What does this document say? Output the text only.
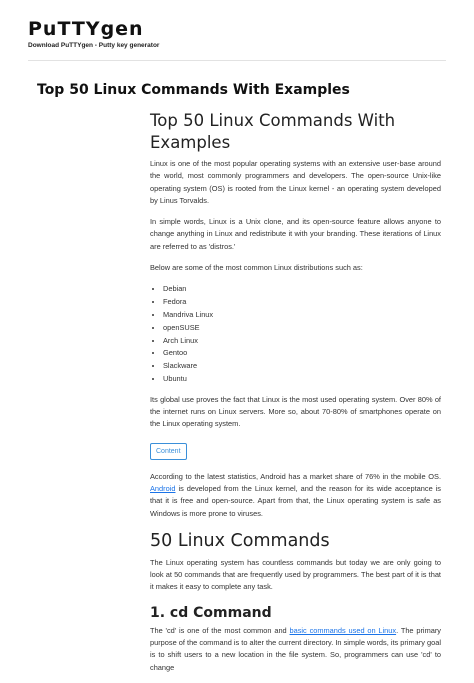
PuTTYgen
Download PuTTYgen - Putty key generator
Top 50 Linux Commands With Examples
Top 50 Linux Commands With Examples

Linux is one of the most popular operating systems with an extensive user-base around the world, most commonly programmers and developers. The open-source Unix-like operating system (OS) is rooted from the Linux kernel - an operating system developed by Linus Torvalds.

In simple words, Linux is a Unix clone, and its open-source feature allows anyone to change anything in Linux and redistribute it with your branding. These iterations of Linux are referred to as 'distros.'

Below are some of the most common Linux distributions such as:

• Debian
• Fedora
• Mandriva Linux
• openSUSE
• Arch Linux
• Gentoo
• Slackware
• Ubuntu

Its global use proves the fact that Linux is the most used operating system. Over 80% of the internet runs on Linux servers. More so, about 70-80% of smartphones operate on the Linux operating system.

Content

According to the latest statistics, Android has a market share of 76% in the mobile OS. Android is developed from the Linux kernel, and the reason for its wide acceptance is that it is free and open-source. Apart from that, the Linux operating system is safe as Windows is more prone to viruses.

50 Linux Commands

The Linux operating system has countless commands but today we are only going to look at 50 commands that are frequently used by programmers. The best part of it is that it makes it easy to complete any task.

1. cd Command

The 'cd' is one of the most common and basic commands used on Linux. The primary purpose of the command is to alter the current directory. In simple words, its primary goal is to shift users to a new location in the file system. So, programmers can use 'cd' to change
